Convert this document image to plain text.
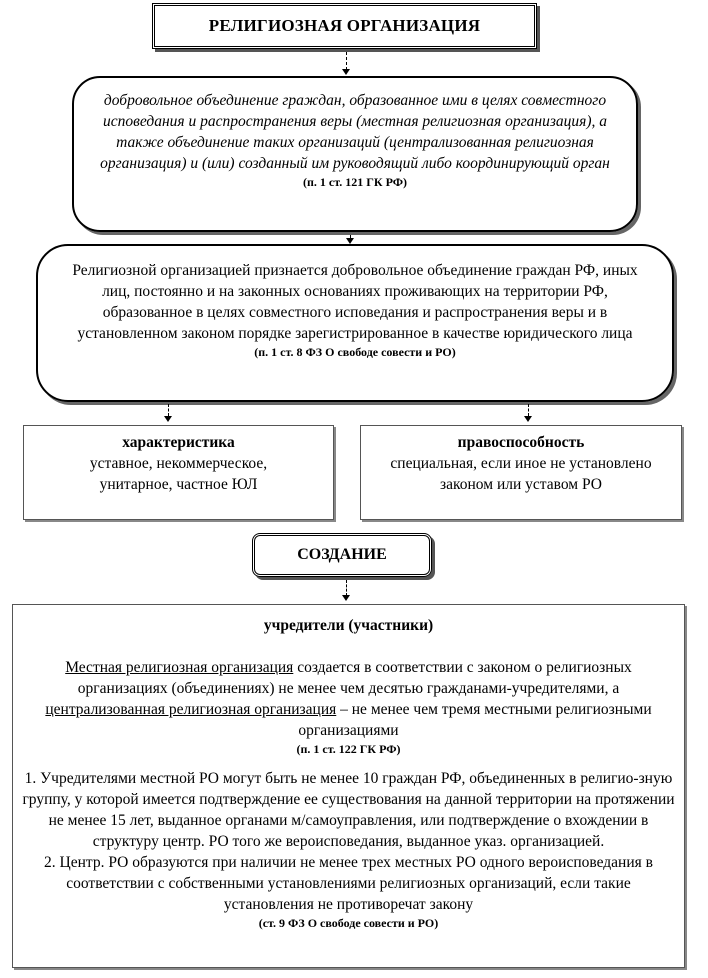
РЕЛИГИОЗНАЯ ОРГАНИЗАЦИЯ
добровольное объединение граждан, образованное ими в целях совместного исповедания и распространения веры (местная религиозная организация), а также объединение таких организаций (централизованная религиозная организация) и (или) созданный им руководящий либо координирующий орган
(п. 1 ст. 121 ГК РФ)
Религиозной организацией признается добровольное объединение граждан РФ, иных лиц, постоянно и на законных основаниях проживающих на территории РФ, образованное в целях совместного исповедания и распространения веры и в установленном законом порядке зарегистрированное в качестве юридического лица
(п. 1 ст. 8 ФЗ О свободе совести и РО)
характеристика
уставное, некоммерческое, унитарное, частное ЮЛ
правоспособность
специальная, если иное не установлено законом или уставом РО
СОЗДАНИЕ
учредители (участники)
Местная религиозная организация создается в соответствии с законом о религиозных организациях (объединениях) не менее чем десятью гражданами-учредителями, а централизованная религиозная организация – не менее чем тремя местными религиозными организациями
(п. 1 ст. 122 ГК РФ)
1. Учредителями местной РО могут быть не менее 10 граждан РФ, объединенных в религио-зную группу, у которой имеется подтверждение ее существования на данной территории на протяжении не менее 15 лет, выданное органами м/самоуправления, или подтверждение о вхождении в структуру центр. РО того же вероисповедания, выданное указ. организацией.
2. Центр. РО образуются при наличии не менее трех местных РО одного вероисповедания в соответствии с собственными установлениями религиозных организаций, если такие установления не противоречат закону
(ст. 9 ФЗ О свободе совести и РО)
